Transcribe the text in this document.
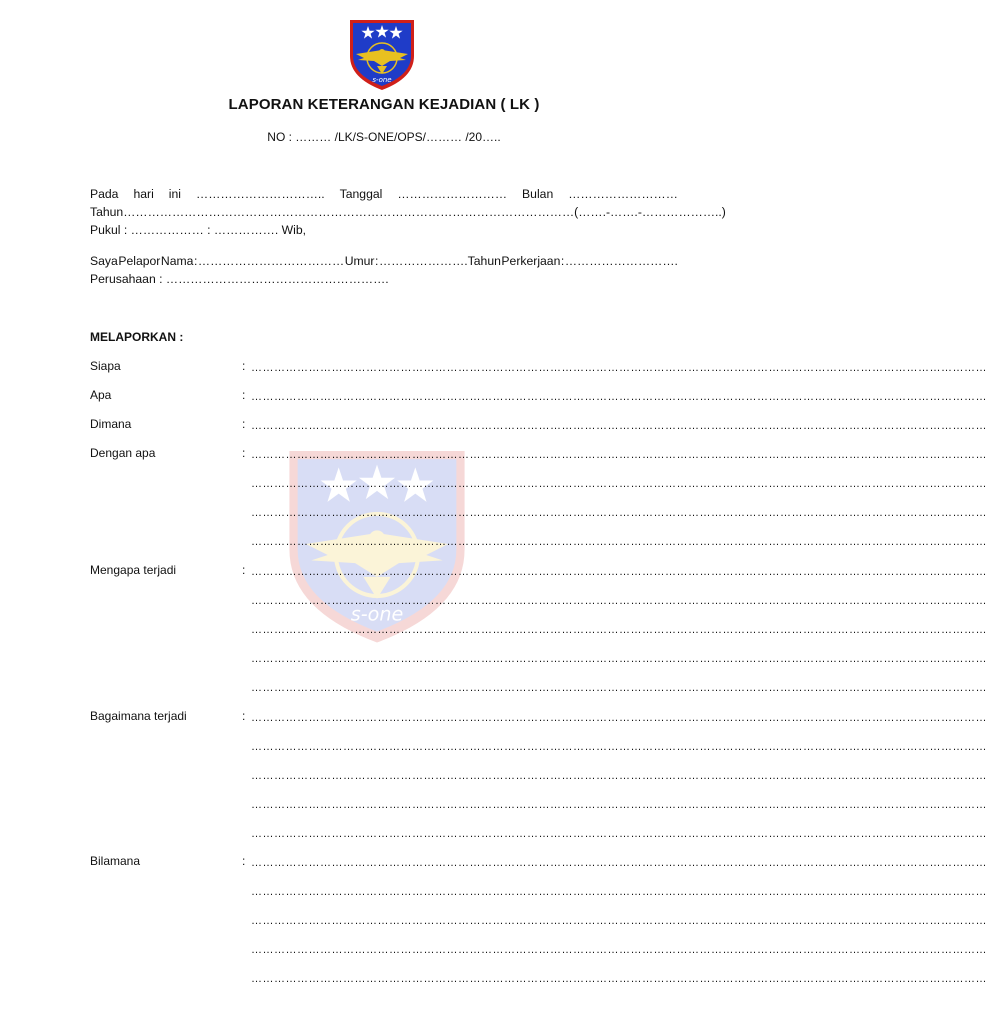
s-one
s-one
LAPORAN KETERANGAN KEJADIAN ( LK )
NO : ……… /LK/S-ONE/OPS/……… /20…..
Pada hari ini ………………………….. Tanggal ……………………… Bulan ………………………
Tahun………………………………………………………………………………………………… (……. - ……. - ………………..)
Pukul : ……………… : ……………. Wib,
Saya Pelapor Nama : ……………………………… Umur : ………………….Tahun Perkerjaan : ……………………….
Perusahaan : ……………………………………………….
MELAPORKAN :
Siapa	: …………………………………………………………………………………………………………………………………………………………………………
Apa	: …………………………………………………………………………………………………………………………………………………………………………
Dimana	: …………………………………………………………………………………………………………………………………………………………………………
Dengan apa	: …………………………………………………………………………………………………………………………………………………………………………
…………………………………………………………………………………………………………………………………………………………………………
…………………………………………………………………………………………………………………………………………………………………………
…………………………………………………………………………………………………………………………………………………………………………
Mengapa terjadi	: …………………………………………………………………………………………………………………………………………………………………………
…………………………………………………………………………………………………………………………………………………………………………
…………………………………………………………………………………………………………………………………………………………………………
…………………………………………………………………………………………………………………………………………………………………………
…………………………………………………………………………………………………………………………………………………………………………
Bagaimana terjadi	: …………………………………………………………………………………………………………………………………………………………………………
…………………………………………………………………………………………………………………………………………………………………………
…………………………………………………………………………………………………………………………………………………………………………
…………………………………………………………………………………………………………………………………………………………………………
…………………………………………………………………………………………………………………………………………………………………………
Bilamana	: …………………………………………………………………………………………………………………………………………………………………………
…………………………………………………………………………………………………………………………………………………………………………
…………………………………………………………………………………………………………………………………………………………………………
…………………………………………………………………………………………………………………………………………………………………………
…………………………………………………………………………………………………………………………………………………………………………
